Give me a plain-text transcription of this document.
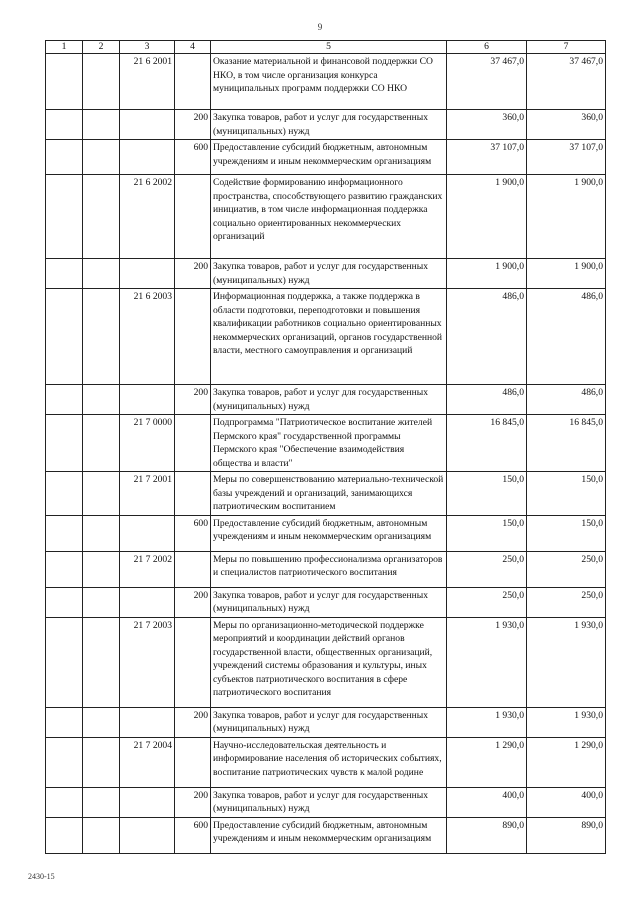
9
1	2	3	4	5	6	7
		21 6 2001		Оказание материальной и финансовой поддержки СО НКО, в том числе организация конкурса муниципальных программ поддержки СО НКО	37 467,0	37 467,0
			200	Закупка товаров, работ и услуг для государственных (муниципальных) нужд	360,0	360,0
			600	Предоставление субсидий бюджетным, автономным учреждениям и иным некоммерческим организациям	37 107,0	37 107,0
		21 6 2002		Содействие формированию информационного пространства, способствующего развитию гражданских инициатив, в том числе информационная поддержка социально ориентированных некоммерческих организаций	1 900,0	1 900,0
			200	Закупка товаров, работ и услуг для государственных (муниципальных) нужд	1 900,0	1 900,0
		21 6 2003		Информационная поддержка, а также поддержка в области подготовки, переподготовки и повышения квалификации работников социально ориентированных некоммерческих организаций, органов государственной власти, местного самоуправления и организаций	486,0	486,0
			200	Закупка товаров, работ и услуг для государственных (муниципальных) нужд	486,0	486,0
		21 7 0000		Подпрограмма "Патриотическое воспитание жителей Пермского края" государственной программы Пермского края "Обеспечение взаимодействия общества и власти"	16 845,0	16 845,0
		21 7 2001		Меры по совершенствованию материально-технической базы учреждений и организаций, занимающихся патриотическим воспитанием	150,0	150,0
			600	Предоставление субсидий бюджетным, автономным учреждениям и иным некоммерческим организациям	150,0	150,0
		21 7 2002		Меры по повышению профессионализма организаторов и специалистов патриотического воспитания	250,0	250,0
			200	Закупка товаров, работ и услуг для государственных (муниципальных) нужд	250,0	250,0
		21 7 2003		Меры по организационно-методической поддержке мероприятий и координации действий органов государственной власти, общественных организаций, учреждений системы образования и культуры, иных субъектов патриотического воспитания в сфере патриотического воспитания	1 930,0	1 930,0
			200	Закупка товаров, работ и услуг для государственных (муниципальных) нужд	1 930,0	1 930,0
		21 7 2004		Научно-исследовательская деятельность и информирование населения об исторических событиях, воспитание патриотических чувств к малой родине	1 290,0	1 290,0
			200	Закупка товаров, работ и услуг для государственных (муниципальных) нужд	400,0	400,0
			600	Предоставление субсидий бюджетным, автономным учреждениям и иным некоммерческим организациям	890,0	890,0
2430-15
